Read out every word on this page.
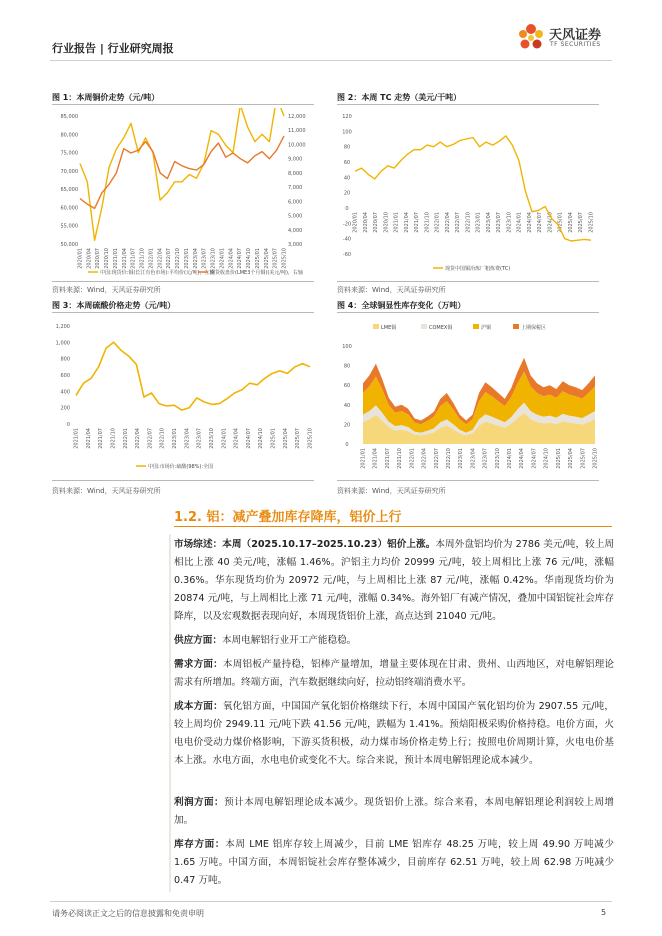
行业报告 | 行业研究周报
天风证券
TF SECURITIES
图 1：本周铜价走势（元/吨）
85,000
80,000
75,000
70,000
65,000
60,000
55,000
50,000
12,000
11,000
10,000
9,000
8,000
7,000
6,000
5,000
4,000
3,000
2020/01 2020/04 2020/07 2020/10 2021/01 2021/04 2021/07 2021/10 2022/01 2022/04 2022/07 2022/10 2023/01 2023/04 2023/07 2023/10 2024/01 2024/04 2024/07 2024/10 2025/01 2025/04 2025/07 2025/10
中国:现货价:铜(长江有色市场):平均价(元/吨)，左轴
期货收盘价(LME3个月铜)(美元/吨)，右轴
资料来源：Wind，天风证券研究所
图 2：本周 TC 走势（美元/干吨）
120
100
80
60
40
20
0
-20
-40
-60
2020/01 2020/04 2020/07 2020/10 2021/01 2021/04 2021/07 2021/10 2022/01 2022/04 2022/07 2022/10 2023/01 2023/04 2023/07 2023/10 2024/01 2024/04 2024/07 2024/10 2025/01 2025/04 2025/07 2025/10
现货中国铜冶炼厂粗炼费(TC)
资料来源：Wind，天风证券研究所
图 3：本周硫酸价格走势（元/吨）
1,200
1,000
800
600
400
200
0
2021/01 2021/04 2021/07 2021/10 2022/01 2022/04 2022/07 2022/10 2023/01 2023/04 2023/07 2023/10 2024/01 2024/04 2024/07 2024/10 2025/01 2025/04 2025/07 2025/10
中国:市场价:硫酸(98%):全国
资料来源：Wind，天风证券研究所
图 4：全球铜显性库存变化（万吨）
100
80
60
40
20
0
2021/01 2021/04 2021/07 2021/10 2022/01 2022/04 2022/07 2022/10 2023/01 2023/04 2023/07 2023/10 2024/01 2024/04 2024/07 2024/10 2025/01 2025/04 2025/07 2025/10
LME铜	COMEX铜	沪铜	上期保税区
资料来源：Wind，天风证券研究所
1.2. 铝：减产叠加库存降库，铝价上行
市场综述：本周（2025.10.17–2025.10.23）铝价上涨。本周外盘铝均价为 2786 美元/吨，较上周相比上涨 40 美元/吨，涨幅 1.46%。沪铝主力均价 20999 元/吨，较上周相比上涨 76 元/吨，涨幅 0.36%。华东现货均价为 20972 元/吨，与上周相比上涨 87 元/吨，涨幅 0.42%。华南现货均价为 20874 元/吨，与上周相比上涨 71 元/吨，涨幅 0.34%。海外铝厂有减产情况，叠加中国铝锭社会库存降库，以及宏观数据表现向好，本周现货铝价上涨，高点达到 21040 元/吨。
供应方面：本周电解铝行业开工产能稳稳。
需求方面：本周铝板产量持稳，铝棒产量增加，增量主要体现在甘肃、贵州、山西地区，对电解铝理论需求有所增加。终端方面，汽车数据继续向好，拉动铝终端消费水平。
成本方面：氧化铝方面，中国国产氧化铝价格继续下行，本周中国国产氧化铝均价为 2907.55 元/吨，较上周均价 2949.11 元/吨下跌 41.56 元/吨，跌幅为 1.41%。预焙阳极采购价格持稳。电价方面，火电电价受动力煤价格影响，下游买货积极，动力煤市场价格走势上行；按照电价周期计算，火电电价基本上涨。水电方面，水电电价或变化不大。综合来说，预计本周电解铝理论成本减少。
利润方面：预计本周电解铝理论成本减少。现货铝价上涨。综合来看，本周电解铝理论利润较上周增加。
库存方面：本周 LME 铝库存较上周减少，目前 LME 铝库存 48.25 万吨，较上周 49.90 万吨减少 1.65 万吨。中国方面，本周铝锭社会库存整体减少，目前库存 62.51 万吨，较上周 62.98 万吨减少 0.47 万吨。
请务必阅读正文之后的信息披露和免责申明	5
